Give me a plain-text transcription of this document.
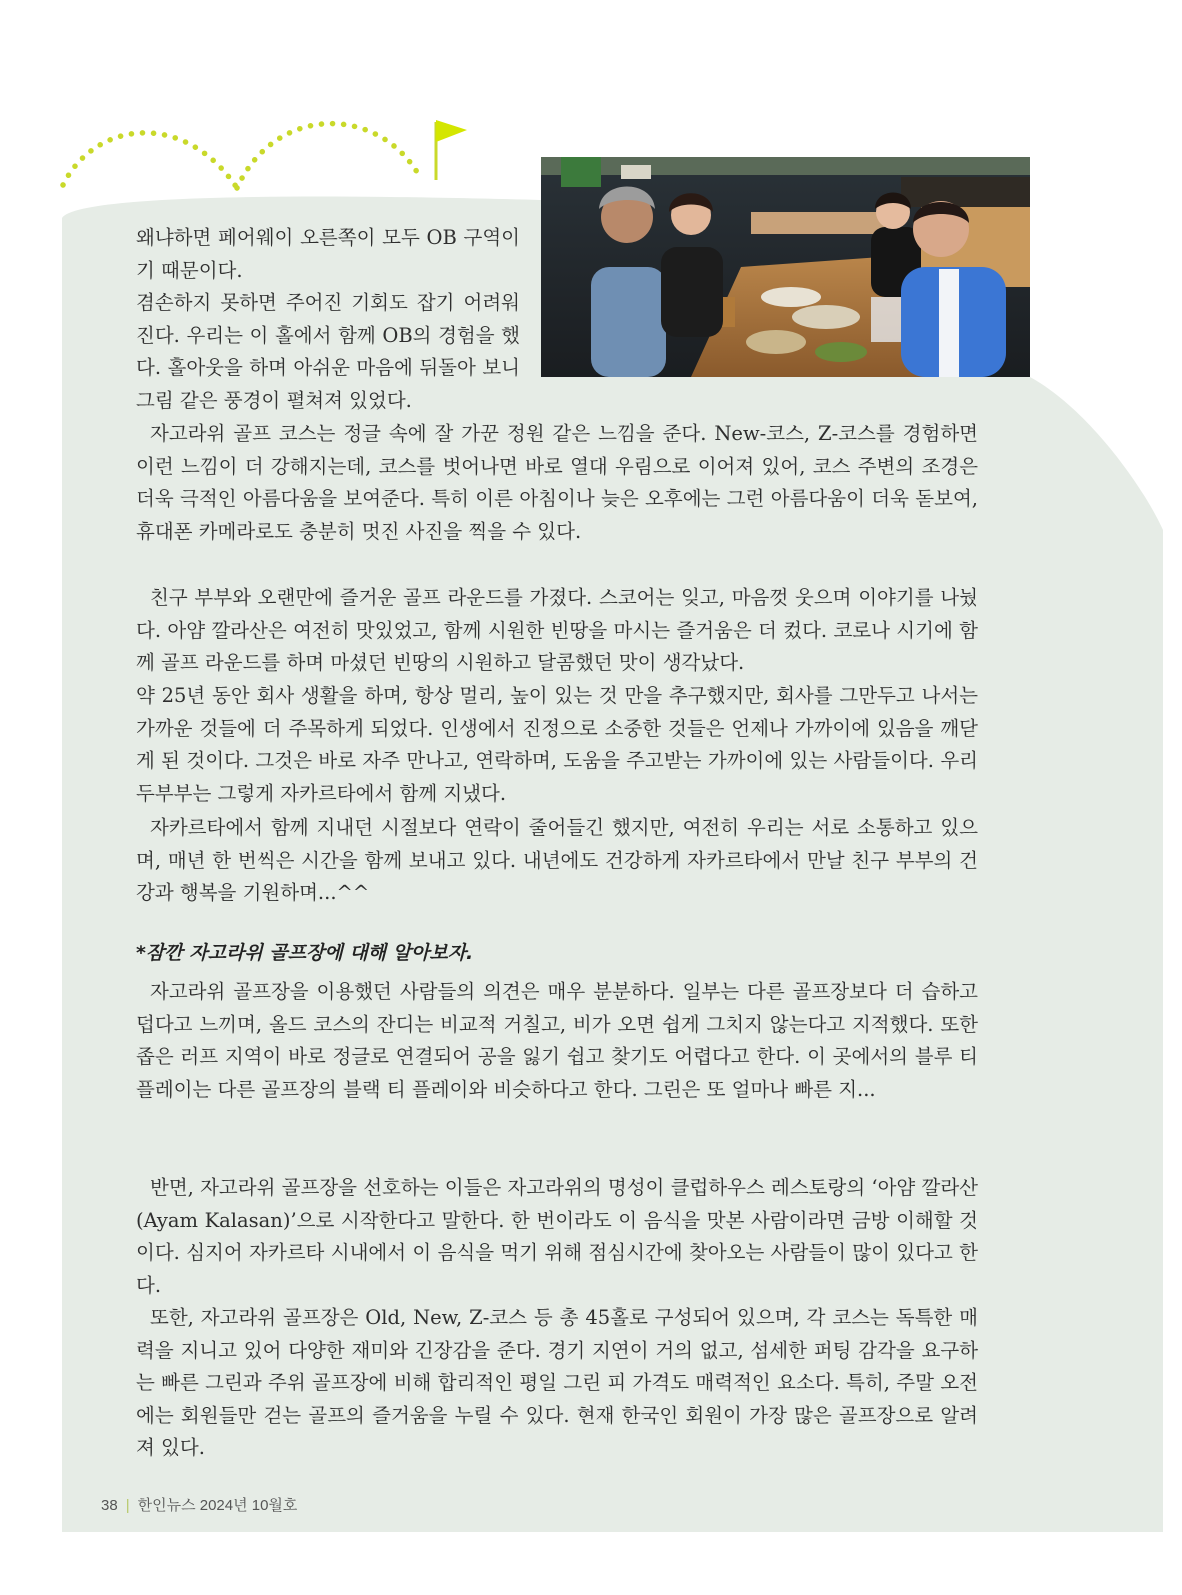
왜냐하면 페어웨이 오른쪽이 모두 OB 구역이기 때문이다.

겸손하지 못하면 주어진 기회도 잡기 어려워진다. 우리는 이 홀에서 함께 OB의 경험을 했다. 홀아웃을 하며 아쉬운 마음에 뒤돌아 보니 그림 같은 풍경이 펼쳐져 있었다.

자고라위 골프 코스는 정글 속에 잘 가꾼 정원 같은 느낌을 준다. New-코스, Z-코스를 경험하면 이런 느낌이 더 강해지는데, 코스를 벗어나면 바로 열대 우림으로 이어져 있어, 코스 주변의 조경은 더욱 극적인 아름다움을 보여준다. 특히 이른 아침이나 늦은 오후에는 그런 아름다움이 더욱 돋보여, 휴대폰 카메라로도 충분히 멋진 사진을 찍을 수 있다.

친구 부부와 오랜만에 즐거운 골프 라운드를 가졌다. 스코어는 잊고, 마음껏 웃으며 이야기를 나눴다. 아얌 깔라산은 여전히 맛있었고, 함께 시원한 빈땅을 마시는 즐거움은 더 컸다. 코로나 시기에 함께 골프 라운드를 하며 마셨던 빈땅의 시원하고 달콤했던 맛이 생각났다.

약 25년 동안 회사 생활을 하며, 항상 멀리, 높이 있는 것 만을 추구했지만, 회사를 그만두고 나서는 가까운 것들에 더 주목하게 되었다. 인생에서 진정으로 소중한 것들은 언제나 가까이에 있음을 깨닫게 된 것이다. 그것은 바로 자주 만나고, 연락하며, 도움을 주고받는 가까이에 있는 사람들이다. 우리 두부부는 그렇게 자카르타에서 함께 지냈다.

자카르타에서 함께 지내던 시절보다 연락이 줄어들긴 했지만, 여전히 우리는 서로 소통하고 있으며, 매년 한 번씩은 시간을 함께 보내고 있다. 내년에도 건강하게 자카르타에서 만날 친구 부부의 건강과 행복을 기원하며...^^

*잠깐 자고라위 골프장에 대해 알아보자.

자고라위 골프장을 이용했던 사람들의 의견은 매우 분분하다. 일부는 다른 골프장보다 더 습하고 덥다고 느끼며, 올드 코스의 잔디는 비교적 거칠고, 비가 오면 쉽게 그치지 않는다고 지적했다. 또한 좁은 러프 지역이 바로 정글로 연결되어 공을 잃기 쉽고 찾기도 어렵다고 한다. 이 곳에서의 블루 티 플레이는 다른 골프장의 블랙 티 플레이와 비슷하다고 한다. 그린은 또 얼마나 빠른 지...

반면, 자고라위 골프장을 선호하는 이들은 자고라위의 명성이 클럽하우스 레스토랑의 ‘아얌 깔라산(Ayam Kalasan)’으로 시작한다고 말한다. 한 번이라도 이 음식을 맛본 사람이라면 금방 이해할 것이다. 심지어 자카르타 시내에서 이 음식을 먹기 위해 점심시간에 찾아오는 사람들이 많이 있다고 한다.

또한, 자고라위 골프장은 Old, New, Z-코스 등 총 45홀로 구성되어 있으며, 각 코스는 독특한 매력을 지니고 있어 다양한 재미와 긴장감을 준다. 경기 지연이 거의 없고, 섬세한 퍼팅 감각을 요구하는 빠른 그린과 주위 골프장에 비해 합리적인 평일 그린 피 가격도 매력적인 요소다. 특히, 주말 오전에는 회원들만 걷는 골프의 즐거움을 누릴 수 있다. 현재 한국인 회원이 가장 많은 골프장으로 알려져 있다.

38 | 한인뉴스 2024년 10월호
